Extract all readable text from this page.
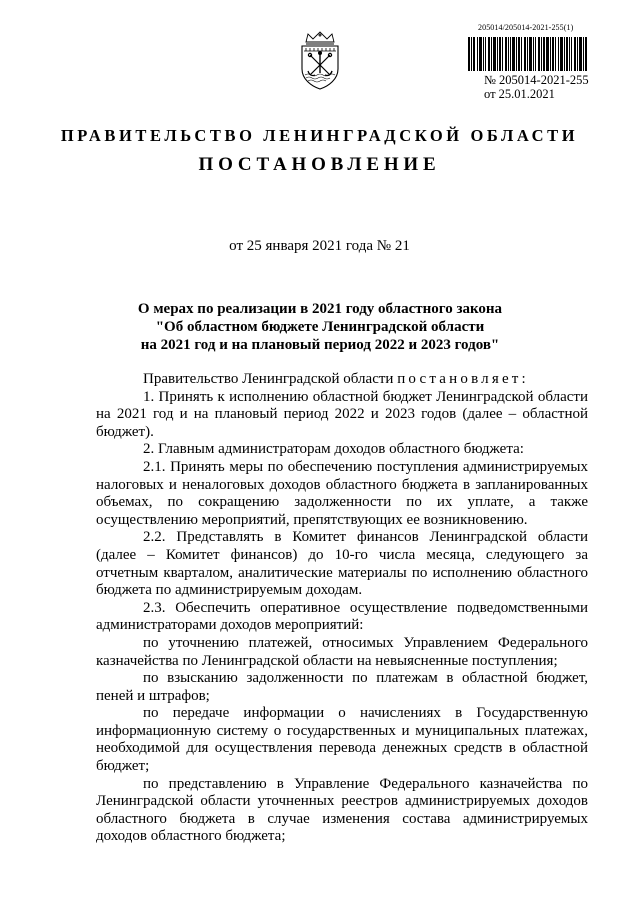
205014/205014-2021-255(1)
№ 205014-2021-255
от 25.01.2021
ПРАВИТЕЛЬСТВО ЛЕНИНГРАДСКОЙ ОБЛАСТИ
ПОСТАНОВЛЕНИЕ
от 25 января 2021 года № 21
О мерах по реализации в 2021 году областного закона
"Об областном бюджете Ленинградской области
на 2021 год и на плановый период 2022 и 2023 годов"

Правительство Ленинградской области постановляет:

1. Принять к исполнению областной бюджет Ленинградской области на 2021 год и на плановый период 2022 и 2023 годов (далее – областной бюджет).

2. Главным администраторам доходов областного бюджета:

2.1. Принять меры по обеспечению поступления администрируемых налоговых и неналоговых доходов областного бюджета в запланированных объемах, по сокращению задолженности по их уплате, а также осуществлению мероприятий, препятствующих ее возникновению.

2.2. Представлять в Комитет финансов Ленинградской области (далее – Комитет финансов) до 10-го числа месяца, следующего за отчетным кварталом, аналитические материалы по исполнению областного бюджета по администрируемым доходам.

2.3. Обеспечить оперативное осуществление подведомственными администраторами доходов мероприятий:

по уточнению платежей, относимых Управлением Федерального казначейства по Ленинградской области на невыясненные поступления;

по взысканию задолженности по платежам в областной бюджет, пеней и штрафов;

по передаче информации о начислениях в Государственную информационную систему о государственных и муниципальных платежах, необходимой для осуществления перевода денежных средств в областной бюджет;

по представлению в Управление Федерального казначейства по Ленинградской области уточненных реестров администрируемых доходов областного бюджета в случае изменения состава администрируемых доходов областного бюджета;
